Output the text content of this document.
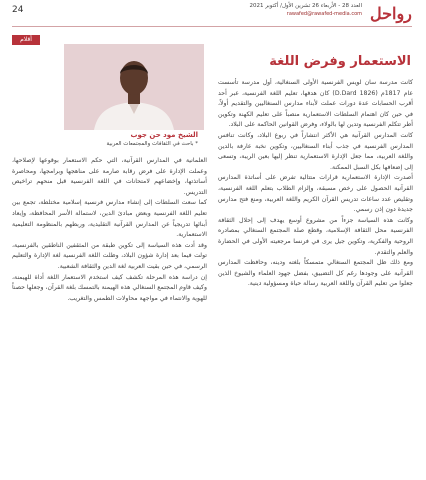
24	العدد 28 - الأربعاء 26 تشرين الأول/ أكتوبر 2021
rawafed@rawafed-media.com رواحل
أقلام
الشيخ مود حن جوب
* باحث في الثقافات والمجتمعات العربية
الاستعمار وفرض اللغة

كانت مدرسة سان لويس الفرنسية الأولى السنغالية، أول مدرسة تأسست عام 1817م (1826 D.Dard) كان هدفها، تعليم اللغة الفرنسية، عبر أحد أقرب الحسابات عدة دورات عملت لأبناء مدارس السنغاليين والتقديم أولاً، في حين كان اهتمام السلطات الاستعمارية منصباً على تعليم الكهنة وتكوين أطر تتكلم الفرنسية وتدين لها بالولاء، وفرض القوانين الحاكمة على البلاد.

كانت المدارس القرآنية هي الأكثر انتشاراً في ربوع البلاد، وكانت تنافس المدارس الفرنسية في جذب أبناء السنغاليين، وتكوين نخبة عارفة بالدين واللغة العربية، مما جعل الإدارة الاستعمارية تنظر إليها بعين الريبة، وتسعى إلى إضعافها بكل السبل الممكنة.

أصدرت الإدارة الاستعمارية قرارات متتالية تفرض على أساتذة المدارس القرآنية الحصول على رخص مسبقة، وإلزام الطلاب بتعلم اللغة الفرنسية، وتقليص عدد ساعات تدريس القرآن الكريم واللغة العربية، ومنع فتح مدارس جديدة دون إذن رسمي.

وكانت هذه السياسة جزءاً من مشروع أوسع يهدف إلى إحلال الثقافة الفرنسية محل الثقافة الإسلامية، وقطع صلة المجتمع السنغالي بمصادره الروحية والفكرية، وتكوين جيل يرى في فرنسا مرجعيته الأولى في الحضارة والعلم والتقدم.

ومع ذلك ظل المجتمع السنغالي متمسكاً بلغته ودينه، وحافظت المدارس القرآنية على وجودها رغم كل التضييق، بفضل جهود العلماء والشيوخ الذين جعلوا من تعليم القرآن واللغة العربية رسالة حياة ومسؤولية دينية.

العلمانية في المدارس القرآنية، التي حكم الاستعمار بوقوعها لإصلاحها، وعملت الإدارة على فرض رقابة صارمة على مناهجها وبرامجها، ومحاصرة أساتذتها، وإخضاعهم لامتحانات في اللغة الفرنسية قبل منحهم تراخيص التدريس.

كما سعت السلطات إلى إنشاء مدارس فرنسية إسلامية مختلطة، تجمع بين تعليم اللغة الفرنسية وبعض مبادئ الدين، لاستمالة الأسر المحافظة، وإبعاد أبنائها تدريجياً عن المدارس القرآنية التقليدية، وربطهم بالمنظومة التعليمية الاستعمارية.

وقد أدت هذه السياسة إلى تكوين طبقة من المثقفين الناطقين بالفرنسية، تولت فيما بعد إدارة شؤون البلاد، وظلت اللغة الفرنسية لغة الإدارة والتعليم الرسمي، في حين بقيت العربية لغة الدين والثقافة الشعبية.

إن دراسة هذه المرحلة تكشف كيف استخدم الاستعمار اللغة أداة للهيمنة، وكيف قاوم المجتمع السنغالي هذه الهيمنة بالتمسك بلغة القرآن، وجعلها حصناً للهوية والانتماء في مواجهة محاولات الطمس والتغريب.
